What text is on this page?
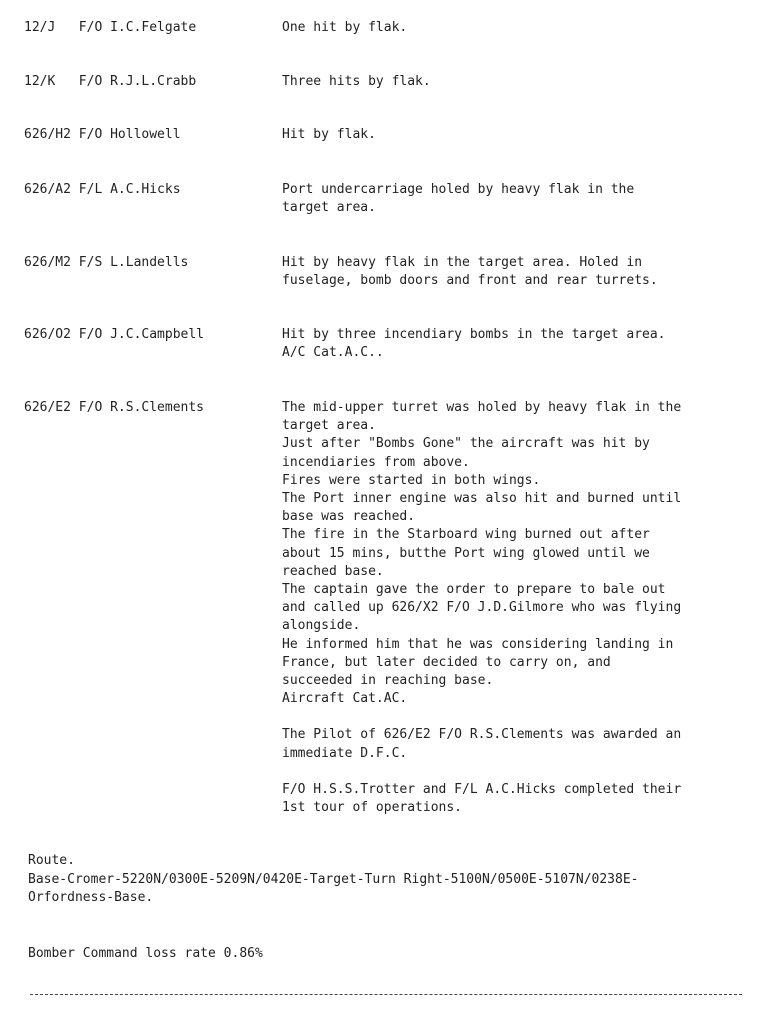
12/J   F/O I.C.Felgate	One hit by flak.
12/K   F/O R.J.L.Crabb	Three hits by flak.
626/H2 F/O Hollowell	Hit by flak.
626/A2 F/L A.C.Hicks	Port undercarriage holed by heavy flak in the
target area.
626/M2 F/S L.Landells	Hit by heavy flak in the target area. Holed in
fuselage, bomb doors and front and rear turrets.
626/O2 F/O J.C.Campbell	Hit by three incendiary bombs in the target area.
A/C Cat.A.C..
626/E2 F/O R.S.Clements	The mid-upper turret was holed by heavy flak in the
target area.
Just after "Bombs Gone" the aircraft was hit by
incendiaries from above.
Fires were started in both wings.
The Port inner engine was also hit and burned until
base was reached.
The fire in the Starboard wing burned out after
about 15 mins, butthe Port wing glowed until we
reached base.
The captain gave the order to prepare to bale out
and called up 626/X2 F/O J.D.Gilmore who was flying
alongside.
He informed him that he was considering landing in
France, but later decided to carry on, and
succeeded in reaching base.
Aircraft Cat.AC.
The Pilot of 626/E2 F/O R.S.Clements was awarded an
immediate D.F.C.
F/O H.S.S.Trotter and F/L A.C.Hicks completed their
1st tour of operations.
Route.
Base-Cromer-5220N/0300E-5209N/0420E-Target-Turn Right-5100N/0500E-5107N/0238E-
Orfordness-Base.
Bomber Command loss rate 0.86%
